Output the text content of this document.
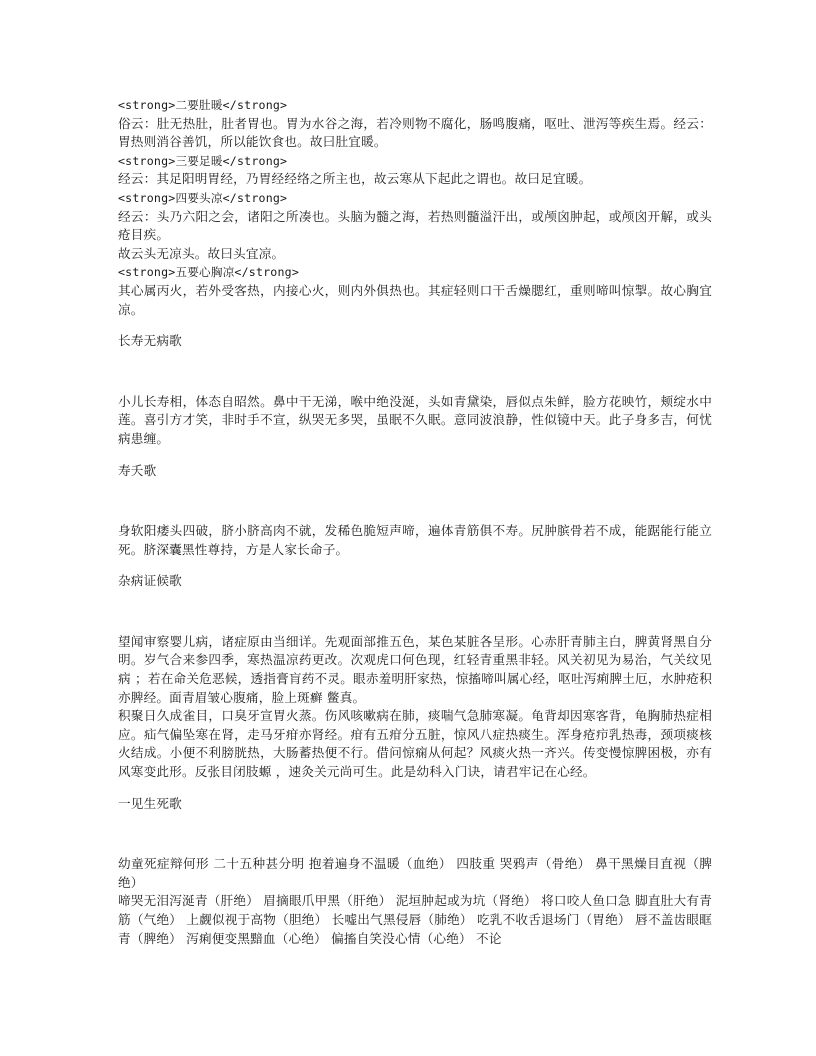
<strong>二要肚暖</strong>

俗云：肚无热肚，肚者胃也。胃为水谷之海，若冷则物不腐化，肠鸣腹痛，呕吐、泄泻等疾生焉。经云：胃热则消谷善饥，所以能饮食也。故曰肚宜暖。

<strong>三要足暖</strong>

经云：其足阳明胃经，乃胃经经络之所主也，故云寒从下起此之谓也。故曰足宜暖。

<strong>四要头凉</strong>

经云：头乃六阳之会，诸阳之所凑也。头脑为髓之海，若热则髓溢汗出，或颅囟肿起，或颅囟开解，或头疮目疾。

故云头无凉头。故曰头宜凉。

<strong>五要心胸凉</strong>

其心属丙火，若外受客热，内接心火，则内外俱热也。其症轻则口干舌燥腮红，重则啼叫惊掣。故心胸宜凉。

长寿无病歌

小儿长寿相，体态自昭然。鼻中干无涕，喉中绝没涎，头如青黛染，唇似点朱鲜，脸方花映竹，颊绽水中莲。喜引方才笑，非时手不宣，纵哭无多哭，虽眠不久眠。意同波浪静，性似镜中天。此子身多吉，何忧病患缠。

寿夭歌

身软阳痿头四破，脐小脐高肉不就，发稀色脆短声啼，遍体青筋俱不寿。尻肿膑骨若不成，能踞能行能立死。脐深囊黑性尊持，方是人家长命子。

杂病证候歌

望闻审察婴儿病，诸症原由当细详。先观面部推五色，某色某脏各呈形。心赤肝青肺主白，脾黄肾黑自分明。岁气合来参四季，寒热温凉药更改。次观虎口何色现，红轻青重黑非轻。风关初见为易治，气关纹见病 ；若在命关危恶候，透指膏肓药不灵。眼赤羞明肝家热，惊搐啼叫属心经，呕吐泻痢脾土厄，水肿疮积亦脾经。面青眉皱心腹痛，脸上斑癣 鳖真。

积聚日久成雀目，口臭牙宣胃火蒸。伤风咳嗽病在肺，痰喘气急肺寒凝。龟背却因寒客背，龟胸肺热症相应。疝气偏坠寒在肾，走马牙疳亦肾经。疳有五疳分五脏，惊风八症热痰生。浑身疮疖乳热毒，颈项痰核火结成。小便不利膀胱热，大肠蓄热便不行。借问惊痫从何起？风痰火热一齐兴。传变慢惊脾困极，亦有风寒变此形。反张目闭肢螈 ，速灸关元尚可生。此是幼科入门诀，请君牢记在心经。

一见生死歌

幼童死症辩何形 二十五种甚分明 抱着遍身不温暖（血绝） 四肢重 哭鸦声（骨绝） 鼻干黑燥目直视（脾绝）

啼哭无泪泻涎青（肝绝） 眉摘眼爪甲黑（肝绝） 泥垣肿起或为坑（肾绝） 将口咬人鱼口急 脚直肚大有青筋（气绝） 上觑似视于高物（胆绝） 长嘘出气黑侵唇（肺绝） 吃乳不收舌退场门（胃绝） 唇不盖齿眼眶青（脾绝） 泻痢便变黑黯血（心绝） 偏搐自笑没心情（心绝） 不论
